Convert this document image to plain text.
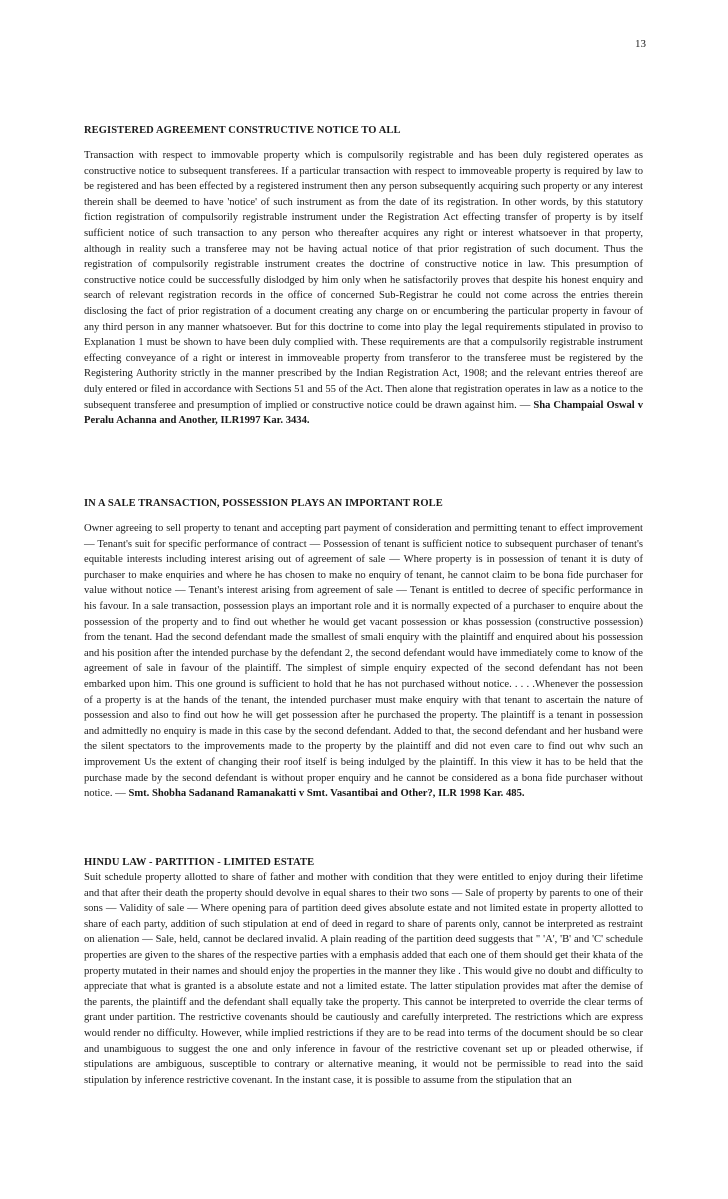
13

REGISTERED AGREEMENT CONSTRUCTIVE NOTICE TO ALL

Transaction with respect to immovable property which is compulsorily registrable and has been duly registered operates as constructive notice to subsequent transferees. If a particular transaction with respect to immoveable property is required by law to be registered and has been effected by a registered instrument then any person subsequently acquiring such property or any interest therein shall be deemed to have 'notice' of such instrument as from the date of its registration. In other words, by this statutory fiction registration of compulsorily registrable instrument under the Registration Act effecting transfer of property is by itself sufficient notice of such transaction to any person who thereafter acquires any right or interest whatsoever in that property, although in reality such a transferee may not be having actual notice of that prior registration of such document. Thus the registration of compulsorily registrable instrument creates the doctrine of constructive notice in law. This presumption of constructive notice could be successfully dislodged by him only when he satisfactorily proves that despite his honest enquiry and search of relevant registration records in the office of concerned Sub-Registrar he could not come across the entries therein disclosing the fact of prior registration of a document creating any charge on or encumbering the particular property in favour of any third person in any manner whatsoever. But for this doctrine to come into play the legal requirements stipulated in proviso to Explanation 1 must be shown to have been duly complied with. These requirements are that a compulsorily registrable instrument effecting conveyance of a right or interest in immoveable property from transferor to the transferee must be registered by the Registering Authority strictly in the manner prescribed by the Indian Registration Act, 1908; and the relevant entries thereof are duly entered or filed in accordance with Sections 51 and 55 of the Act. Then alone that registration operates in law as a notice to the subsequent transferee and presumption of implied or constructive notice could be drawn against him. — Sha Champaial Oswal v Peralu Achanna and Another, ILR1997 Kar. 3434.

IN A SALE TRANSACTION, POSSESSION PLAYS AN IMPORTANT ROLE

Owner agreeing to sell property to tenant and accepting part payment of consideration and permitting tenant to effect improvement — Tenant's suit for specific performance of contract — Possession of tenant is sufficient notice to subsequent purchaser of tenant's equitable interests including interest arising out of agreement of sale — Where property is in possession of tenant it is duty of purchaser to make enquiries and where he has chosen to make no enquiry of tenant, he cannot claim to be bona fide purchaser for value without notice — Tenant's interest arising from agreement of sale — Tenant is entitled to decree of specific performance in his favour. In a sale transaction, possession plays an important role and it is normally expected of a purchaser to enquire about the possession of the property and to find out whether he would get vacant possession or khas possession (constructive possession) from the tenant. Had the second defendant made the smallest of smali enquiry with the plaintiff and enquired about his possession and his position after the intended purchase by the defendant 2, the second defendant would have immediately come to know of the agreement of sale in favour of the plaintiff. The simplest of simple enquiry expected of the second defendant has not been embarked upon him. This one ground is sufficient to hold that he has not purchased without notice. . . . .Whenever the possession of a property is at the hands of the tenant, the intended purchaser must make enquiry with that tenant to ascertain the nature of possession and also to find out how he will get possession after he purchased the property. The plaintiff is a tenant in possession and admittedly no enquiry is made in this case by the second defendant. Added to that, the second defendant and her husband were the silent spectators to the improvements made to the property by the plaintiff and did not even care to find out whv such an improvement Us the extent of changing their roof itself is being indulged by the plaintiff. In this view it has to be held that the purchase made by the second defendant is without proper enquiry and he cannot be considered as a bona fide purchaser without notice. — Smt. Shobha Sadanand Ramanakatti v Smt. Vasantibai and Other?, ILR 1998 Kar. 485.

HINDU LAW - PARTITION - LIMITED ESTATE

Suit schedule property allotted to share of father and mother with condition that they were entitled to enjoy during their lifetime and that after their death the property should devolve in equal shares to their two sons — Sale of property by parents to one of their sons — Validity of sale — Where opening para of partition deed gives absolute estate and not limited estate in property allotted to share of each party, addition of such stipulation at end of deed in regard to share of parents only, cannot be interpreted as restraint on alienation — Sale, held, cannot be declared invalid. A plain reading of the partition deed suggests that " 'A', 'B' and 'C' schedule properties are given to the shares of the respective parties with a emphasis added that each one of them should get their khata of the property mutated in their names and should enjoy the properties in the manner they like . This would give no doubt and difficulty to appreciate that what is granted is a absolute estate and not a limited estate. The latter stipulation provides mat after the demise of the parents, the plaintiff and the defendant shall equally take the property. This cannot be interpreted to override the clear terms of grant under partition. The restrictive covenants should be cautiously and carefully interpreted. The restrictions which are express would render no difficulty. However, while implied restrictions if they are to be read into terms of the document should be so clear and unambiguous to suggest the one and only inference in favour of the restrictive covenant set up or pleaded otherwise, if stipulations are ambiguous, susceptible to contrary or alternative meaning, it would not be permissible to read into the said stipulation by inference restrictive covenant. In the instant case, it is possible to assume from the stipulation that an
